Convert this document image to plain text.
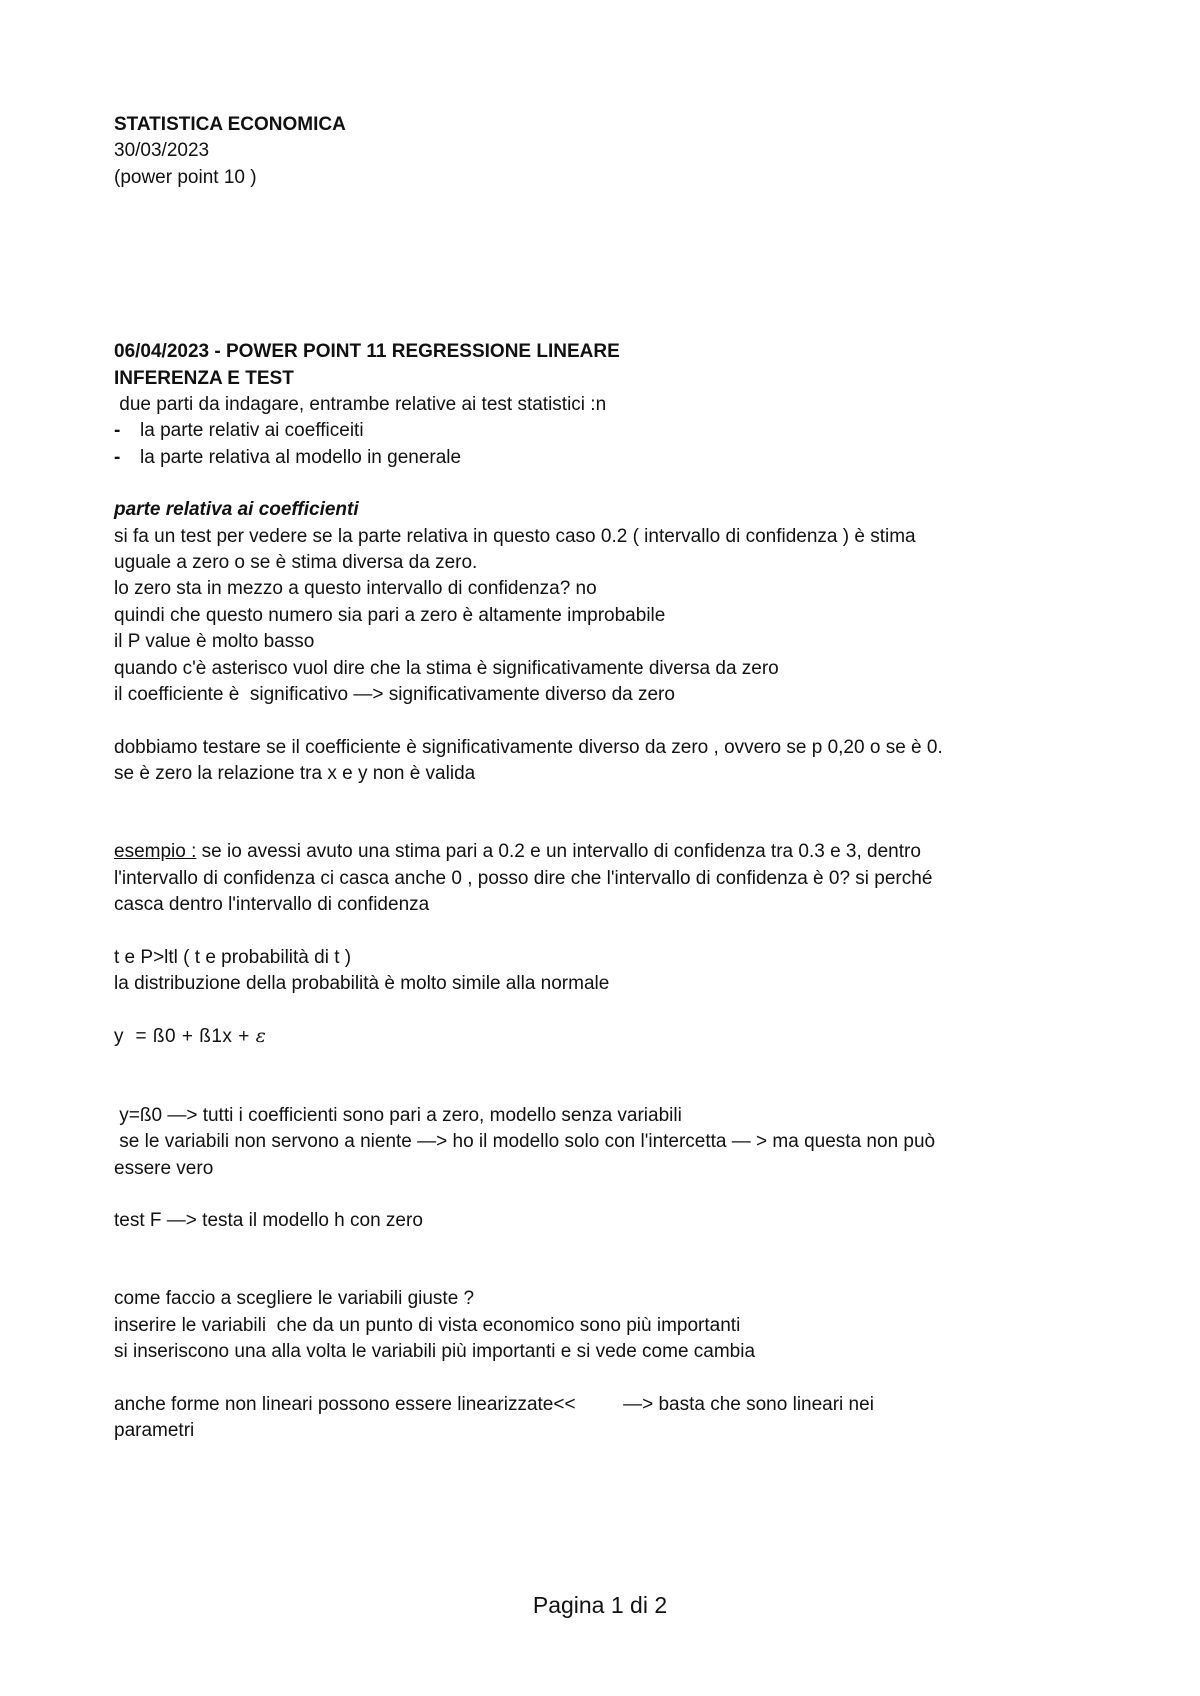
STATISTICA ECONOMICA

30/03/2023

(power point 10 )

06/04/2023 - POWER POINT 11 REGRESSIONE LINEARE

INFERENZA E TEST

due parti da indagare, entrambe relative ai test statistici :n

-	la parte relativ ai coefficeiti
-	la parte relativa al modello in generale

parte relativa ai coefficienti

si fa un test per vedere se la parte relativa in questo caso 0.2 ( intervallo di confidenza ) è stima

uguale a zero o se è stima diversa da zero.

lo zero sta in mezzo a questo intervallo di confidenza? no

quindi che questo numero sia pari a zero è altamente improbabile

il P value è molto basso

quando c'è asterisco vuol dire che la stima è significativamente diversa da zero

il coefficiente è  significativo —> significativamente diverso da zero

dobbiamo testare se il coefficiente è significativamente diverso da zero , ovvero se p 0,20 o se è 0.

se è zero la relazione tra x e y non è valida

esempio : se io avessi avuto una stima pari a 0.2 e un intervallo di confidenza tra 0.3 e 3, dentro

l'intervallo di confidenza ci casca anche 0 , posso dire che l'intervallo di confidenza è 0? si perché

casca dentro l'intervallo di confidenza

t e P>ltl ( t e probabilità di t )

la distribuzione della probabilità è molto simile alla normale

y  = ß0 + ß1x + ε

y=ß0 —> tutti i coefficienti sono pari a zero, modello senza variabili

se le variabili non servono a niente —> ho il modello solo con l'intercetta — > ma questa non può

essere vero

test F —> testa il modello h con zero

come faccio a scegliere le variabili giuste ?

inserire le variabili  che da un punto di vista economico sono più importanti

si inseriscono una alla volta le variabili più importanti e si vede come cambia

anche forme non lineari possono essere linearizzate<<         —> basta che sono lineari nei

parametri

Pagina 1 di 2
